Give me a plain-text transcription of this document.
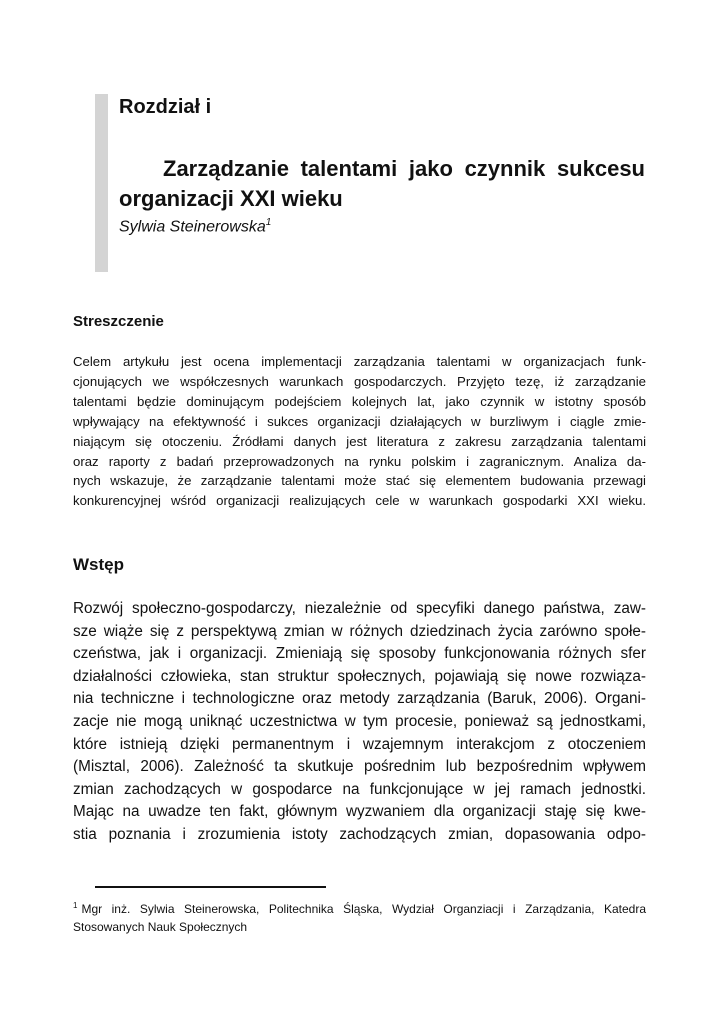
Rozdział i
Zarządzanie talentami jako czynnik sukcesu
organizacji XXI wieku
Sylwia Steinerowska$^1$
Streszczenie
Celem artykułu jest ocena implementacji zarządzania talentami w organizacjach funk-
cjonujących we współczesnych warunkach gospodarczych. Przyjęto tezę, iż zarządzanie
talentami będzie dominującym podejściem kolejnych lat, jako czynnik w istotny sposób
wpływający na efektywność i sukces organizacji działających w burzliwym i ciągle zmie-
niającym się otoczeniu. Źródłami danych jest literatura z zakresu zarządzania talentami
oraz raporty z badań przeprowadzonych na rynku polskim i zagranicznym. Analiza da-
nych wskazuje, że zarządzanie talentami może stać się elementem budowania przewagi
konkurencyjnej wśród organizacji realizujących cele w warunkach gospodarki XXI wieku.
Wstęp
Rozwój społeczno-gospodarczy, niezależnie od specyfiki danego państwa, zaw-
sze wiąże się z perspektywą zmian w różnych dziedzinach życia zarówno społe-
czeństwa, jak i organizacji. Zmieniają się sposoby funkcjonowania różnych sfer
działalności człowieka, stan struktur społecznych, pojawiają się nowe rozwiąza-
nia techniczne i technologiczne oraz metody zarządzania (Baruk, 2006). Organi-
zacje nie mogą uniknąć uczestnictwa w tym procesie, ponieważ są jednostkami,
które istnieją dzięki permanentnym i wzajemnym interakcjom z otoczeniem
(Misztal, 2006). Zależność ta skutkuje pośrednim lub bezpośrednim wpływem
zmian zachodzących w gospodarce na funkcjonujące w jej ramach jednostki.
Mając na uwadze ten fakt, głównym wyzwaniem dla organizacji staję się kwe-
stia poznania i zrozumienia istoty zachodzących zmian, dopasowania odpo-
$^1$ Mgr inż. Sylwia Steinerowska, Politechnika Śląska, Wydział Organziacji i Zarządzania, Katedra
Stosowanych Nauk Społecznych
